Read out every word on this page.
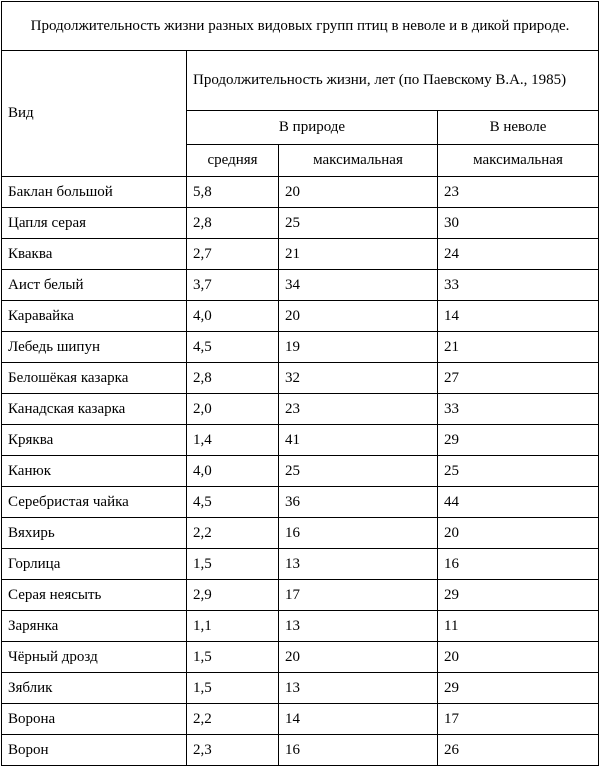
Продолжительность жизни разных видовых групп птиц в неволе и в дикой природе.			
Вид	Продолжительность жизни, лет (по Паевскому В.А., 1985)		
	В природе		В неволе
	средняя	максимальная	максимальная
Баклан большой	5,8	20	23
Цапля серая	2,8	25	30
Кваква	2,7	21	24
Аист белый	3,7	34	33
Каравайка	4,0	20	14
Лебедь шипун	4,5	19	21
Белошёкая казарка	2,8	32	27
Канадская казарка	2,0	23	33
Кряква	1,4	41	29
Канюк	4,0	25	25
Серебристая чайка	4,5	36	44
Вяхирь	2,2	16	20
Горлица	1,5	13	16
Серая неясыть	2,9	17	29
Зарянка	1,1	13	11
Чёрный дрозд	1,5	20	20
Зяблик	1,5	13	29
Ворона	2,2	14	17
Ворон	2,3	16	26
